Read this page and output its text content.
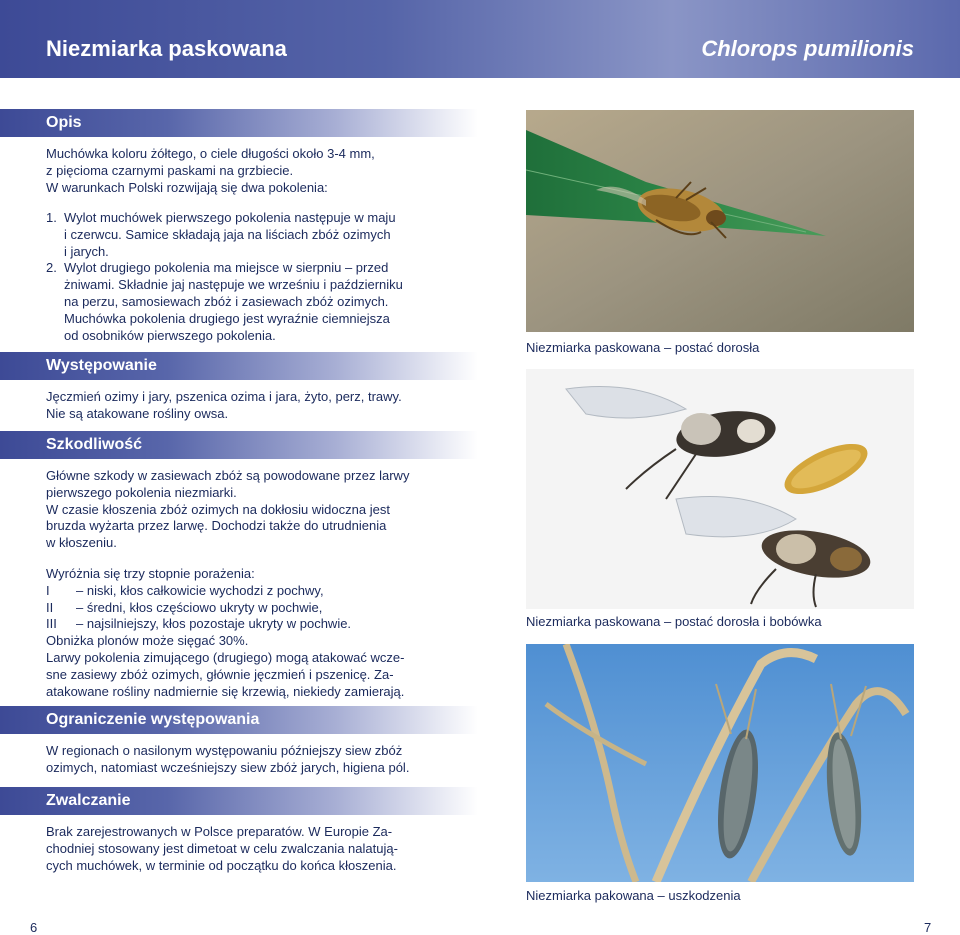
Niezmiarka paskowana	Chlorops pumilionis
Opis

Muchówka koloru żółtego, o ciele długości około 3-4 mm,

z pięcioma czarnymi paskami na grzbiecie.

W warunkach Polski rozwijają się dwa pokolenia:

1. Wylot muchówek pierwszego pokolenia następuje w maju

i czerwcu. Samice składają jaja na liściach zbóż ozimych

i jarych.

2. Wylot drugiego pokolenia ma miejsce w sierpniu – przed

żniwami. Składnie jaj następuje we wrześniu i październiku

na perzu, samosiewach zbóż i zasiewach zbóż ozimych.

Muchówka pokolenia drugiego jest wyraźnie ciemniejsza

od osobników pierwszego pokolenia.

Występowanie

Jęczmień ozimy i jary, pszenica ozima i jara, żyto, perz, trawy.

Nie są atakowane rośliny owsa.

Szkodliwość

Główne szkody w zasiewach zbóż są powodowane przez larwy

pierwszego pokolenia niezmiarki.

W czasie kłoszenia zbóż ozimych na dokłosiu widoczna jest

bruzda wyżarta przez larwę. Dochodzi także do utrudnienia

w kłoszeniu.

Wyróżnia się trzy stopnie porażenia:

I	– niski, kłos całkowicie wychodzi z pochwy,
II	– średni, kłos częściowo ukryty w pochwie,
III	– najsilniejszy, kłos pozostaje ukryty w pochwie.

Obniżka plonów może sięgać 30%.

Larwy pokolenia zimującego (drugiego) mogą atakować wcze-

sne zasiewy zbóż ozimych, głównie jęczmień i pszenicę. Za-

atakowane rośliny nadmiernie się krzewią, niekiedy zamierają.

Ograniczenie występowania

W regionach o nasilonym występowaniu późniejszy siew zbóż

ozimych, natomiast wcześniejszy siew zbóż jarych, higiena pól.

Zwalczanie

Brak zarejestrowanych w Polsce preparatów. W Europie Za-

chodniej stosowany jest dimetoat w celu zwalczania nalatują-

cych muchówek, w terminie od początku do końca kłoszenia.

Niezmiarka paskowana – postać dorosła
Niezmiarka paskowana – postać dorosła i bobówka
Niezmiarka pakowana – uszkodzenia
6	7
